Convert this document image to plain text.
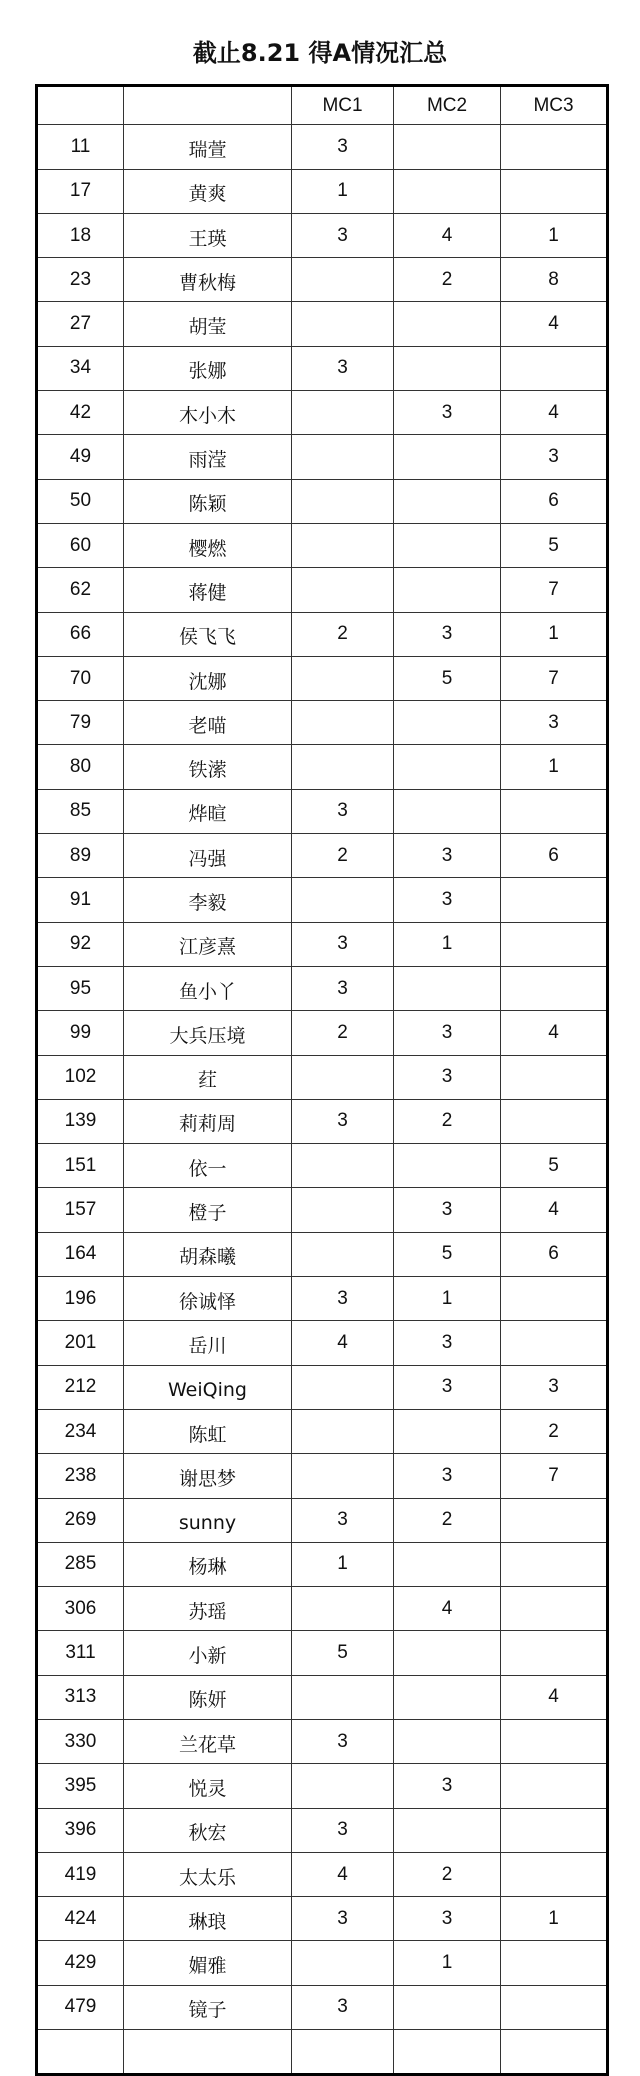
截止8.21 得A情况汇总
		MC1	MC2	MC3
11	瑞萱	3		
17	黄爽	1		
18	王瑛	3	4	1
23	曹秋梅		2	8
27	胡莹			4
34	张娜	3		
42	木小木		3	4
49	雨滢			3
50	陈颖			6
60	樱燃			5
62	蒋健			7
66	侯飞飞	2	3	1
70	沈娜		5	7
79	老喵			3
80	铁潆			1
85	烨暄	3		
89	冯强	2	3	6
91	李毅		3	
92	江彦熹	3	1	
95	鱼小丫	3		
99	大兵压境	2	3	4
102	荭		3	
139	莉莉周	3	2	
151	依一			5
157	橙子		3	4
164	胡森曦		5	6
196	徐诚怿	3	1	
201	岳川	4	3	
212	WeiQing		3	3
234	陈虹			2
238	谢思梦		3	7
269	sunny	3	2	
285	杨琳	1		
306	苏瑶		4	
311	小新	5		
313	陈妍			4
330	兰花草	3		
395	悦灵		3	
396	秋宏	3		
419	太太乐	4	2	
424	琳琅	3	3	1
429	媚雅		1	
479	镜子	3		
